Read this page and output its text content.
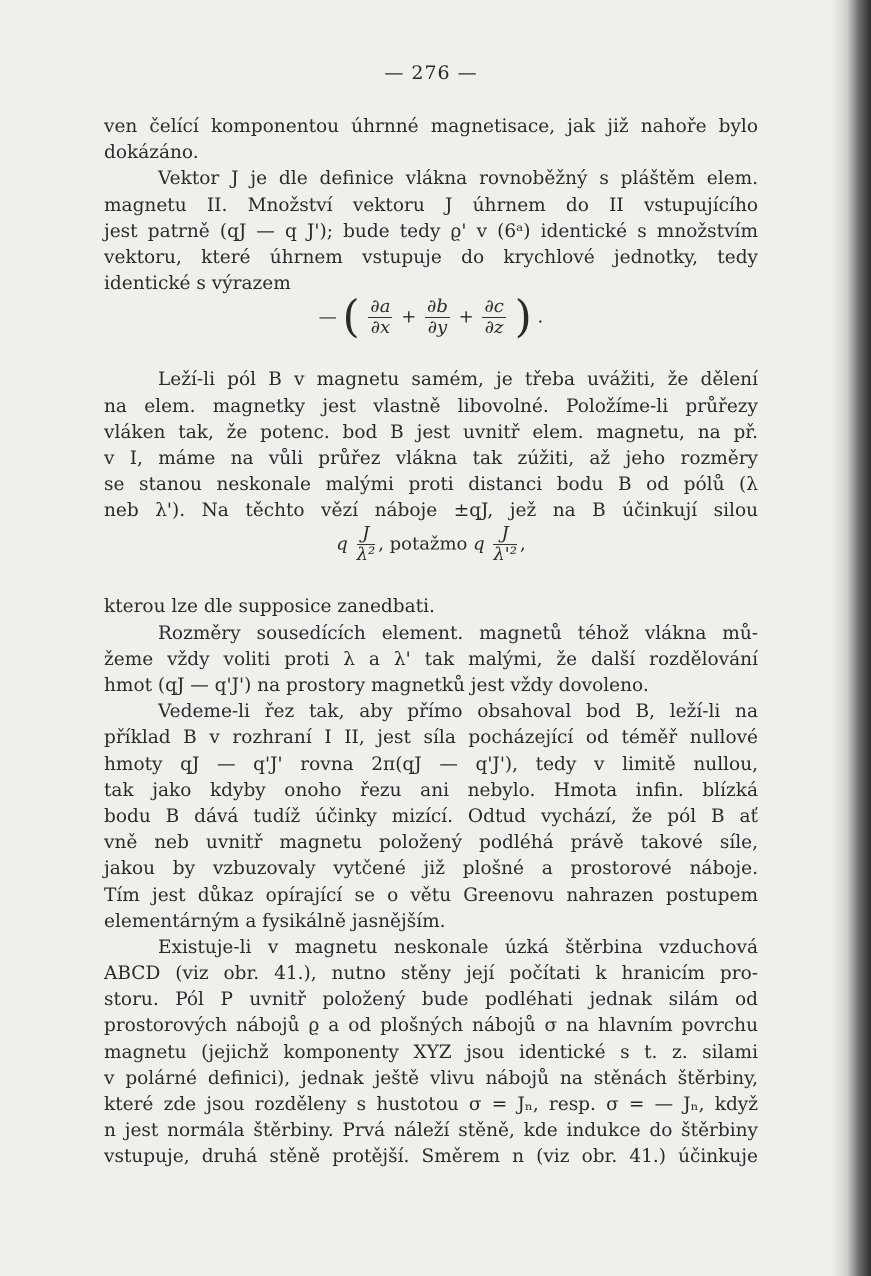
— 276 —
ven čelící komponentou úhrnné magnetisace, jak již nahoře bylo
dokázáno.
Vektor J je dle definice vlákna rovnoběžný s pláštěm elem.
magnetu II. Množství vektoru J úhrnem do II vstupujícího
jest patrně (qJ — q J'); bude tedy ϱ' v (6ᵃ) identické s množstvím
vektoru, které úhrnem vstupuje do krychlové jednotky, tedy
identické s výrazem
— ( $\frac{\partial a}{\partial x} + \frac{\partial b}{\partial y} + \frac{\partial c}{\partial z}$ ) .
Leží-li pól B v magnetu samém, je třeba uvážiti, že dělení
na elem. magnetky jest vlastně libovolné. Položíme-li průřezy
vláken tak, že potenc. bod B jest uvnitř elem. magnetu, na př.
v I, máme na vůli průřez vlákna tak zúžiti, až jeho rozměry
se stanou neskonale malými proti distanci bodu B od pólů (λ
neb λ'). Na těchto vězí náboje ±qJ, jež na B účinkují silou
q $\frac{J}{\text{λ²}}$ , potažmo q $\frac{J}{\text{λ'²}}$ ,
kterou lze dle supposice zanedbati.
Rozměry sousedících element. magnetů téhož vlákna mů-
žeme vždy voliti proti λ a λ' tak malými, že další rozdělování
hmot (qJ — q'J') na prostory magnetků jest vždy dovoleno.
Vedeme-li řez tak, aby přímo obsahoval bod B, leží-li na
příklad B v rozhraní I II, jest síla pocházející od téměř nullové
hmoty qJ — q'J' rovna 2π(qJ — q'J'), tedy v limitě nullou,
tak jako kdyby onoho řezu ani nebylo. Hmota infin. blízká
bodu B dává tudíž účinky mizící. Odtud vychází, že pól B ať
vně neb uvnitř magnetu položený podléhá právě takové síle,
jakou by vzbuzovaly vytčené již plošné a prostorové náboje.
Tím jest důkaz opírající se o větu Greenovu nahrazen postupem
elementárným a fysikálně jasnějším.
Existuje-li v magnetu neskonale úzká štěrbina vzduchová
ABCD (viz obr. 41.), nutno stěny její počítati k hranicím pro-
storu. Pól P uvnitř položený bude podléhati jednak silám od
prostorových nábojů ϱ a od plošných nábojů σ na hlavním povrchu
magnetu (jejichž komponenty XYZ jsou identické s t. z. silami
v polárné definici), jednak ještě vlivu nábojů na stěnách štěrbiny,
které zde jsou rozděleny s hustotou σ = Jₙ, resp. σ = — Jₙ, když
n jest normála štěrbiny. Prvá náleží stěně, kde indukce do štěrbiny
vstupuje, druhá stěně protější. Směrem n (viz obr. 41.) účinkuje
